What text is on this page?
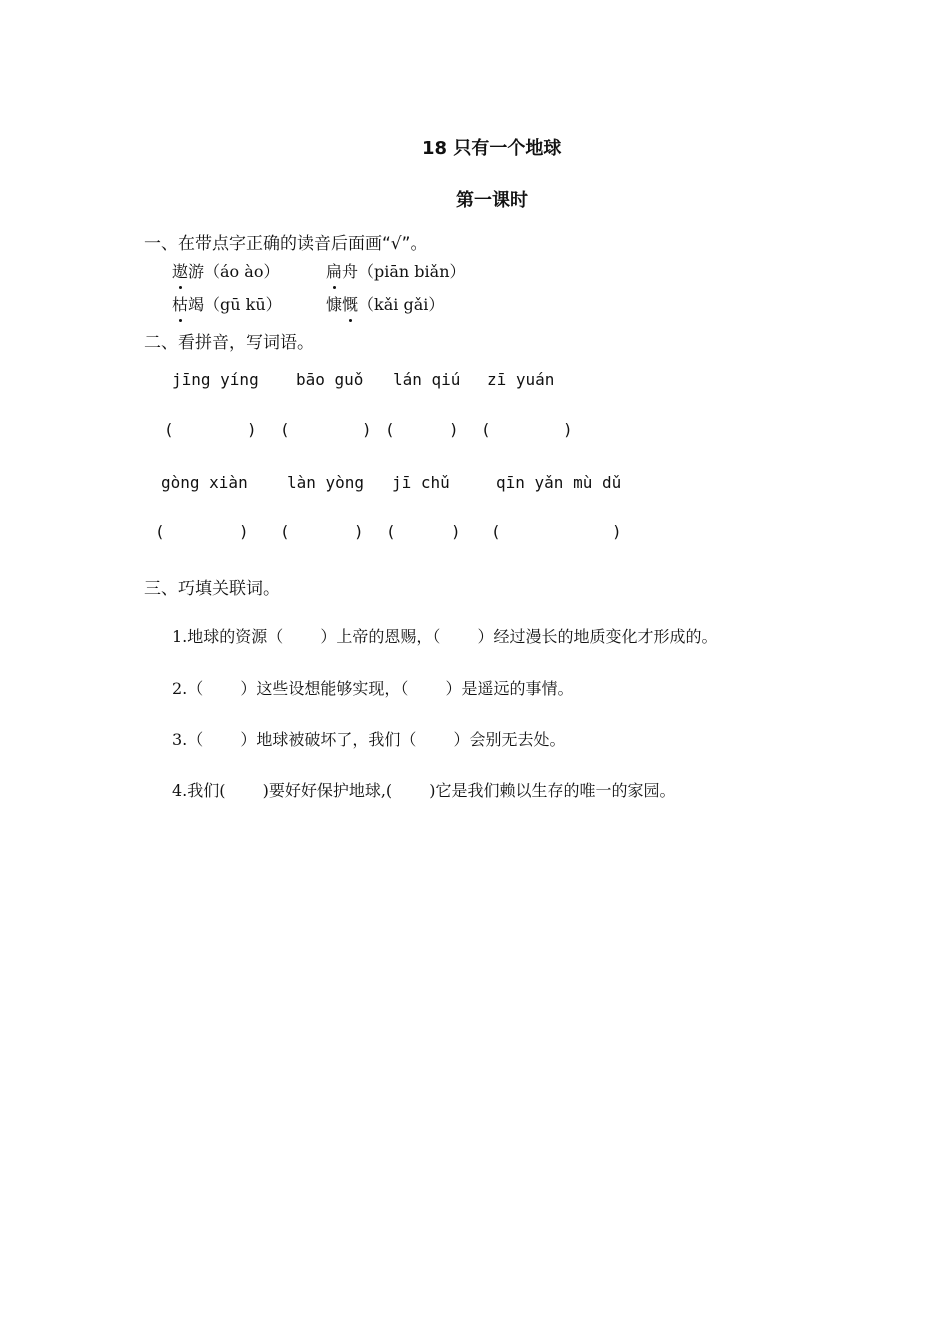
18 只有一个地球
第一课时
一、在带点字正确的读音后面画“√”。
遨游（áo ào）	扁舟（piān biǎn）
枯竭（gū kū）	慷慨（kǎi gǎi）
二、看拼音，写词语。
jīng yíng bāo guǒ lán qiú zī yuán
(	) (	) (	) (	)
gòng xiàn làn yòng jī chǔ	qīn yǎn mù dǔ
(	) (	) (	) (	)
三、巧填关联词。
1.地球的资源（　　 ）上帝的恩赐，（　　 ）经过漫长的地质变化才形成的。
2.（　　 ）这些设想能够实现，（　　 ）是遥远的事情。
3.（　　 ）地球被破坏了，我们（　　 ）会别无去处。
4.我们(　　 )要好好保护地球,(　　 )它是我们赖以生存的唯一的家园。
